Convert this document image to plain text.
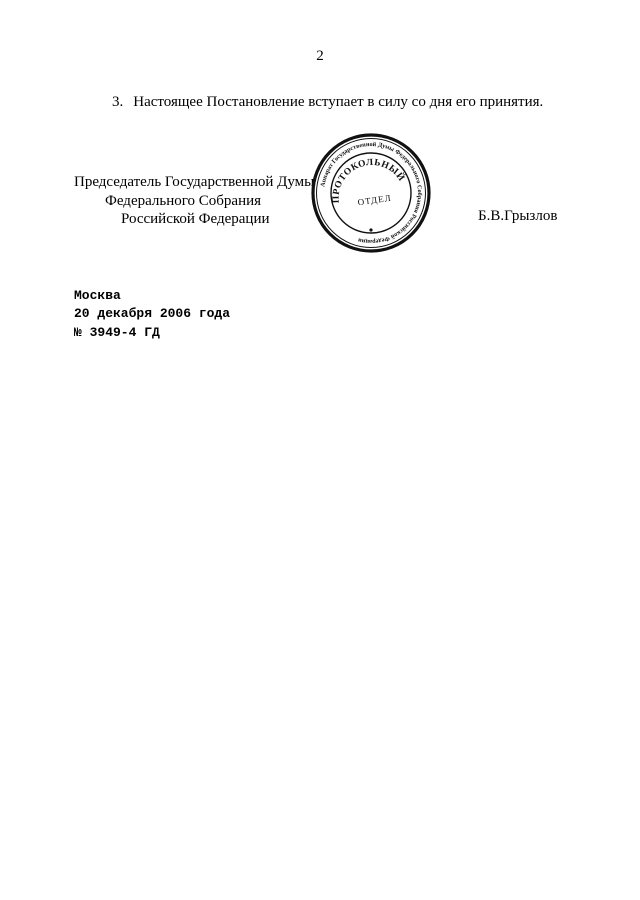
2
3. Настоящее Постановление вступает в силу со дня его принятия.
Председатель Государственной Думы
Федерального Собрания
Российской Федерации	Б.В.Грызлов
Аппарат Государственной Думы Федерального Собрания Российской Федерации
ПРОТОКОЛЬНЫЙ
ОТДЕЛ
Москва
20 декабря 2006 года
№ 3949-4 ГД
